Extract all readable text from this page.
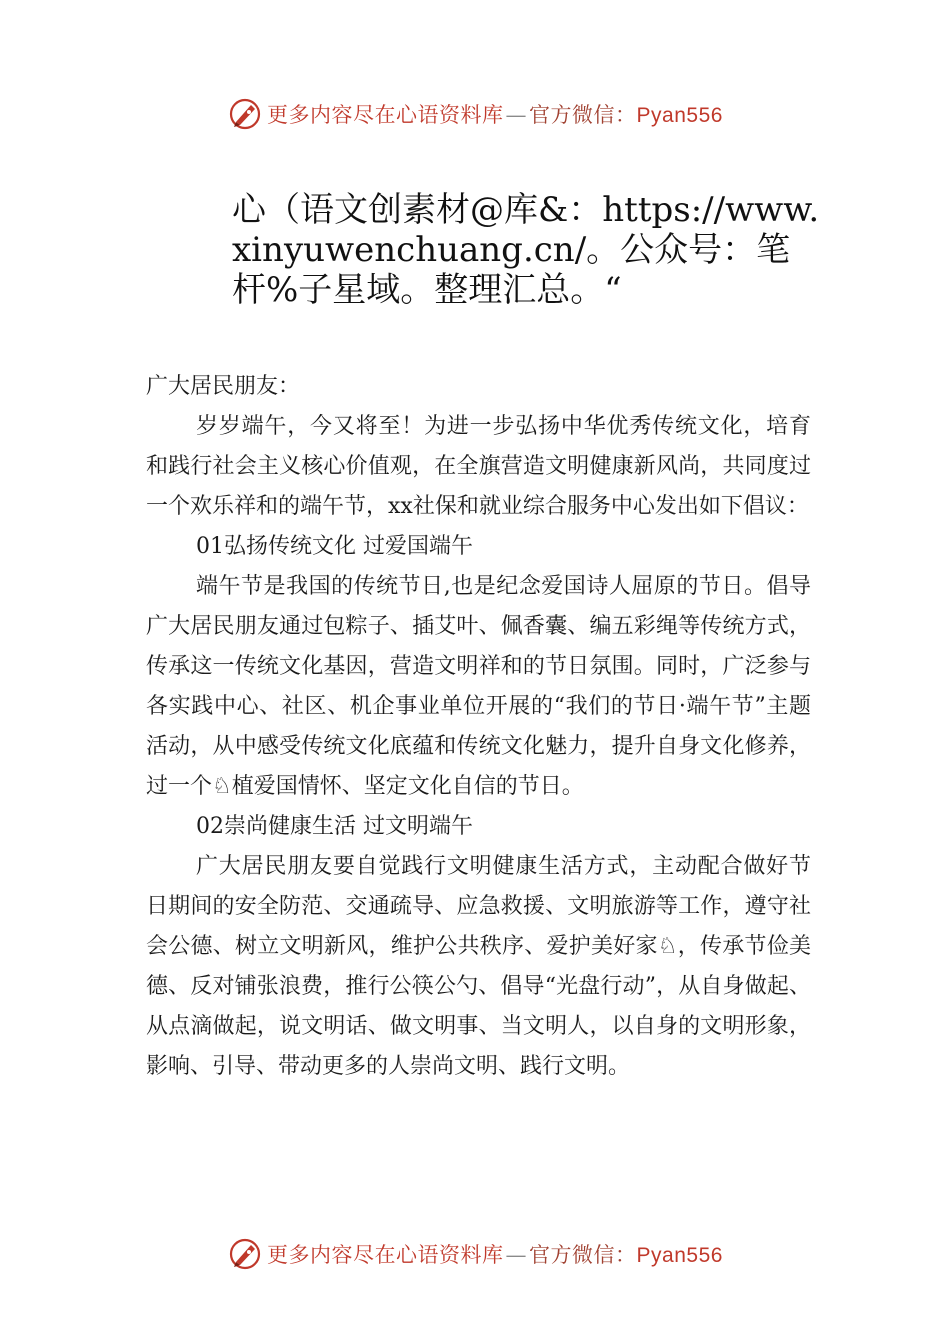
更多内容尽在心语资料库—官方微信：Pyan556
心（语文创素材@库&：https://www.xinyuwenchuang.cn/。公众号：笔杆%子星域。整理汇总。“

广大居民朋友：

岁岁端午，今又将至！为进一步弘扬中华优秀传统文化，培育和践行社会主义核心价值观，在全旗营造文明健康新风尚，共同度过一个欢乐祥和的端午节，xx社保和就业综合服务中心发出如下倡议：

01弘扬传统文化 过爱国端午

端午节是我国的传统节日,也是纪念爱国诗人屈原的节日。倡导广大居民朋友通过包粽子、插艾叶、佩香囊、编五彩绳等传统方式，传承这一传统文化基因，营造文明祥和的节日氛围。同时，广泛参与各实践中心、社区、机企事业单位开展的“我们的节日·端午节”主题活动，从中感受传统文化底蕴和传统文化魅力，提升自身文化修养，过一个♘植爱国情怀、坚定文化自信的节日。

02崇尚健康生活 过文明端午

广大居民朋友要自觉践行文明健康生活方式，主动配合做好节日期间的安全防范、交通疏导、应急救援、文明旅游等工作，遵守社会公德、树立文明新风，维护公共秩序、爱护美好家♘，传承节俭美德、反对铺张浪费，推行公筷公勺、倡导“光盘行动”，从自身做起、从点滴做起，说文明话、做文明事、当文明人，以自身的文明形象，影响、引导、带动更多的人崇尚文明、践行文明。

更多内容尽在心语资料库—官方微信：Pyan556
